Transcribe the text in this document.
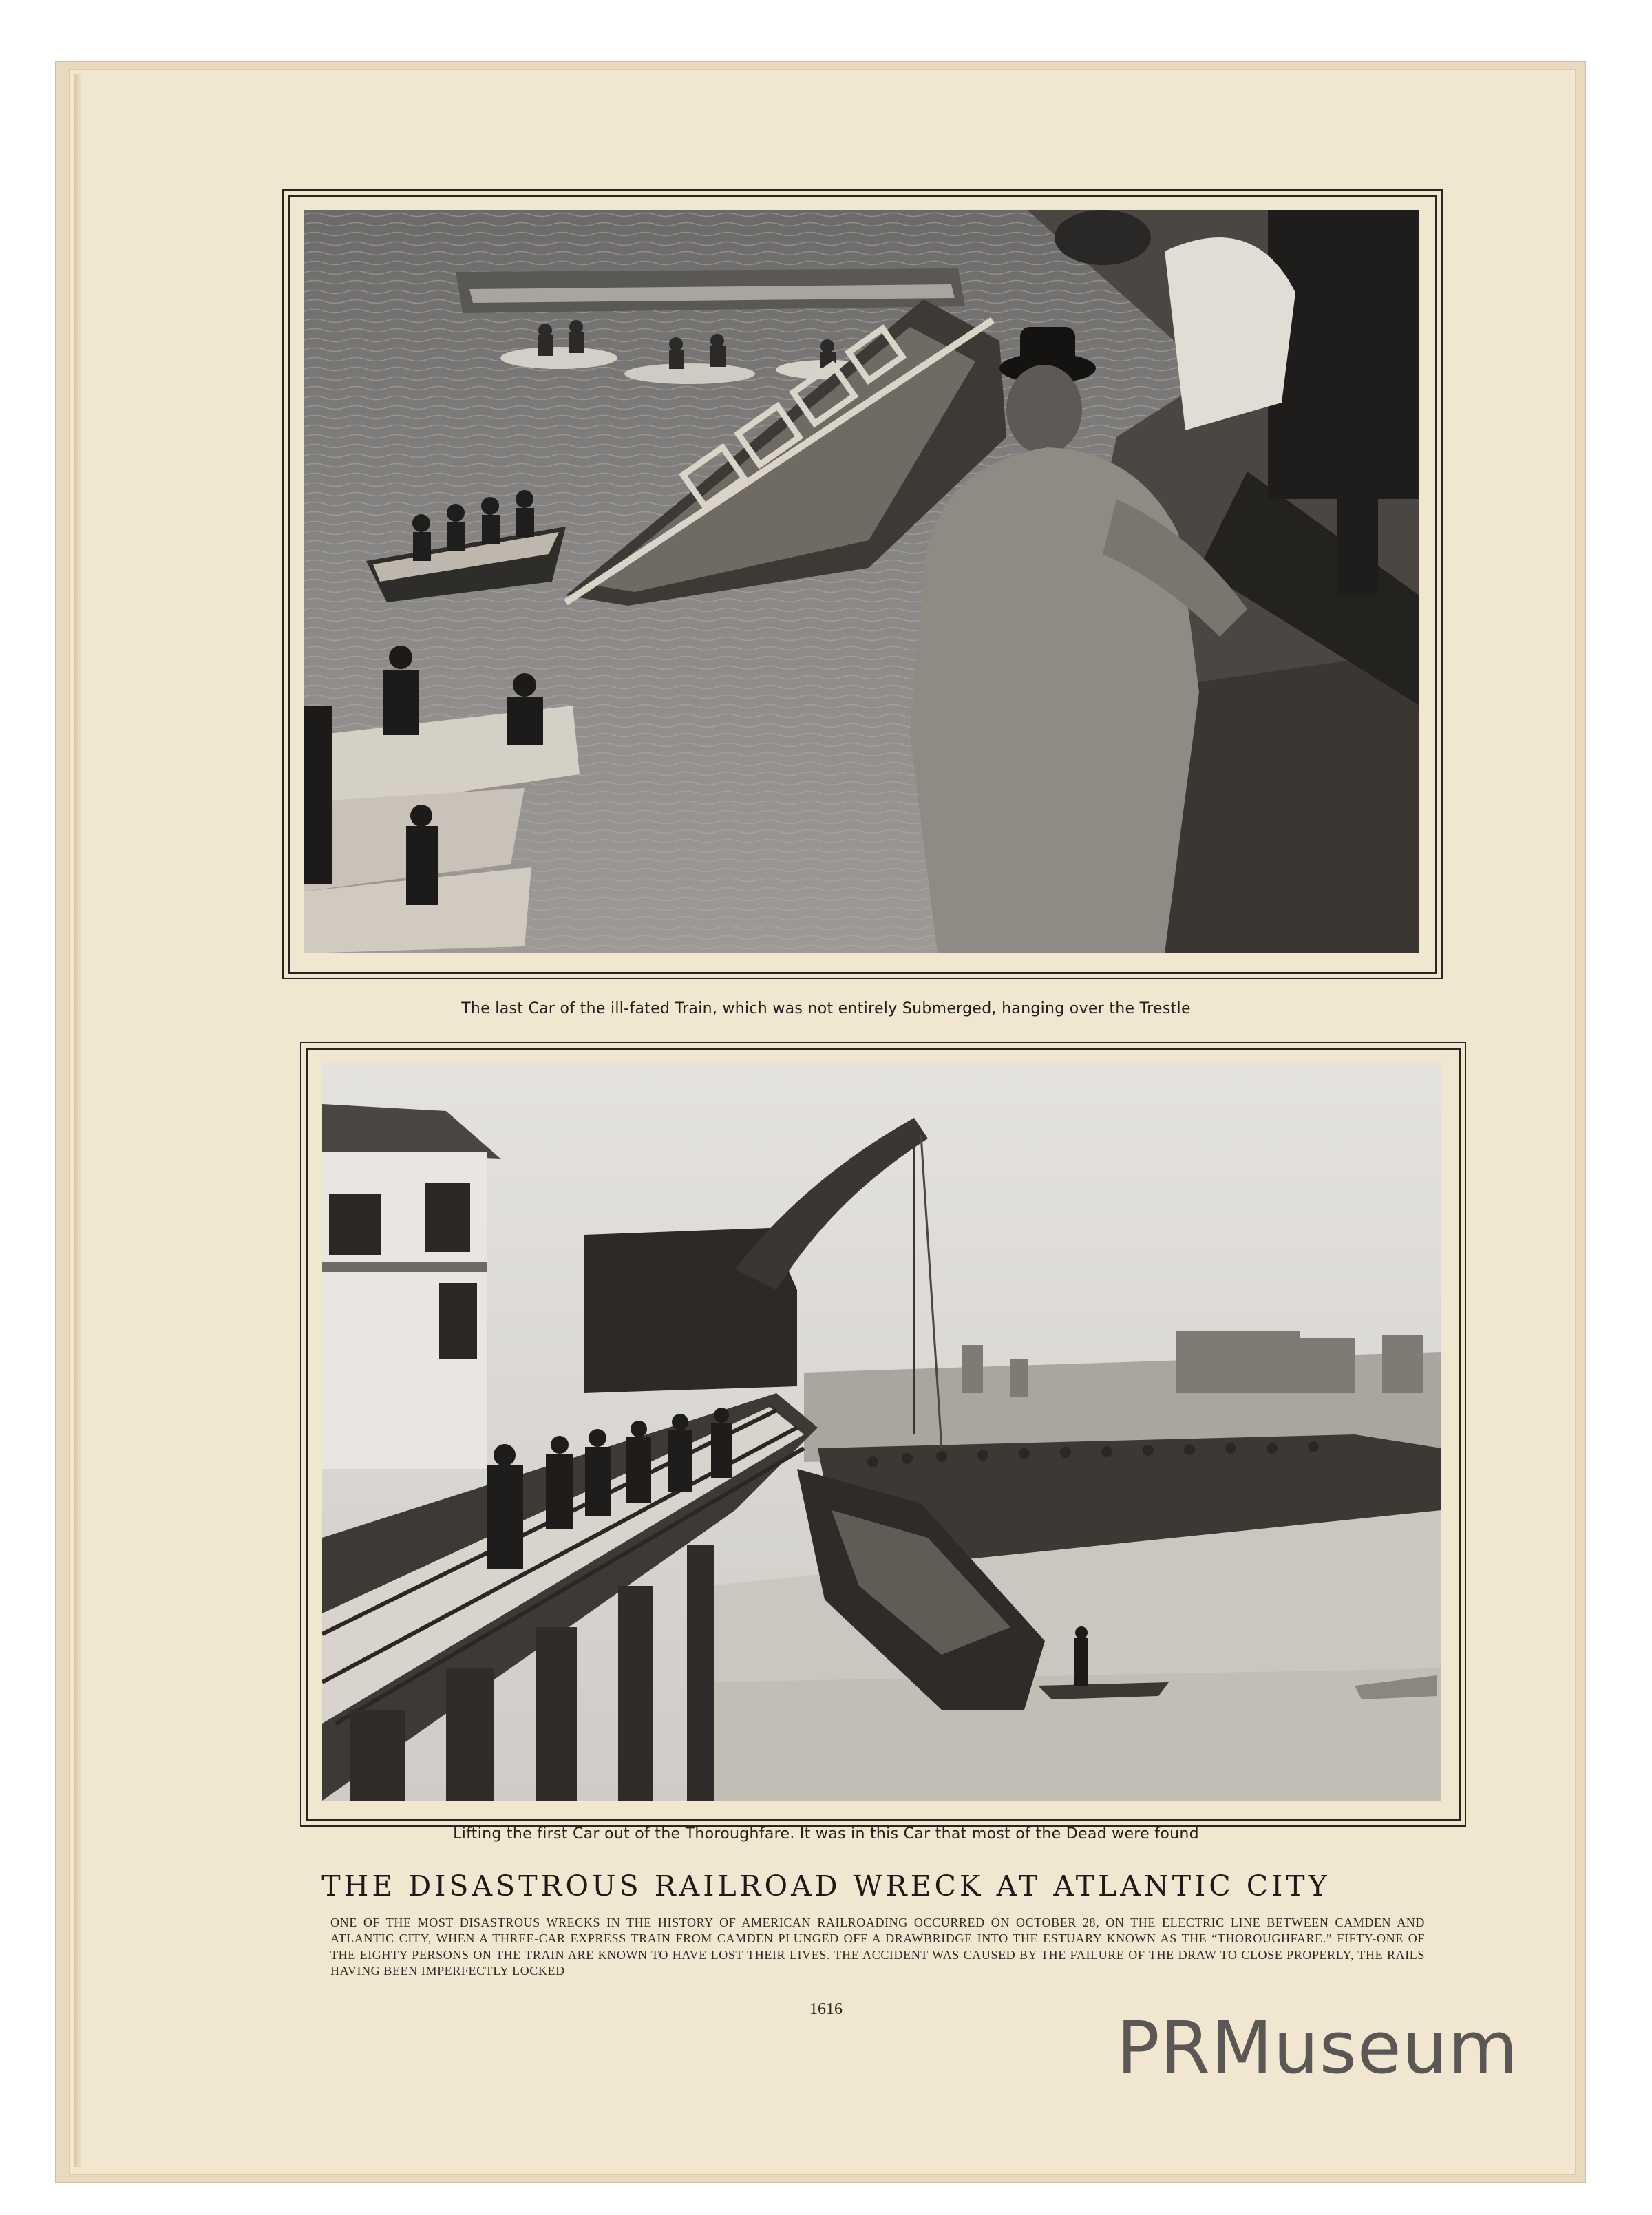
The last Car of the ill-fated Train, which was not entirely Submerged, hanging over the Trestle
Lifting the first Car out of the Thoroughfare. It was in this Car that most of the Dead were found
THE DISASTROUS RAILROAD WRECK AT ATLANTIC CITY
ONE OF THE MOST DISASTROUS WRECKS IN THE HISTORY OF AMERICAN RAILROADING OCCURRED ON OCTOBER 28, ON THE ELECTRIC LINE BETWEEN CAMDEN AND ATLANTIC CITY, WHEN A THREE-CAR EXPRESS TRAIN FROM CAMDEN PLUNGED OFF A DRAWBRIDGE INTO THE ESTUARY KNOWN AS THE “THOROUGHFARE.” FIFTY-ONE OF THE EIGHTY PERSONS ON THE TRAIN ARE KNOWN TO HAVE LOST THEIR LIVES. THE ACCIDENT WAS CAUSED BY THE FAILURE OF THE DRAW TO CLOSE PROPERLY, THE RAILS HAVING BEEN IMPERFECTLY LOCKED
1616	PRMuseum
